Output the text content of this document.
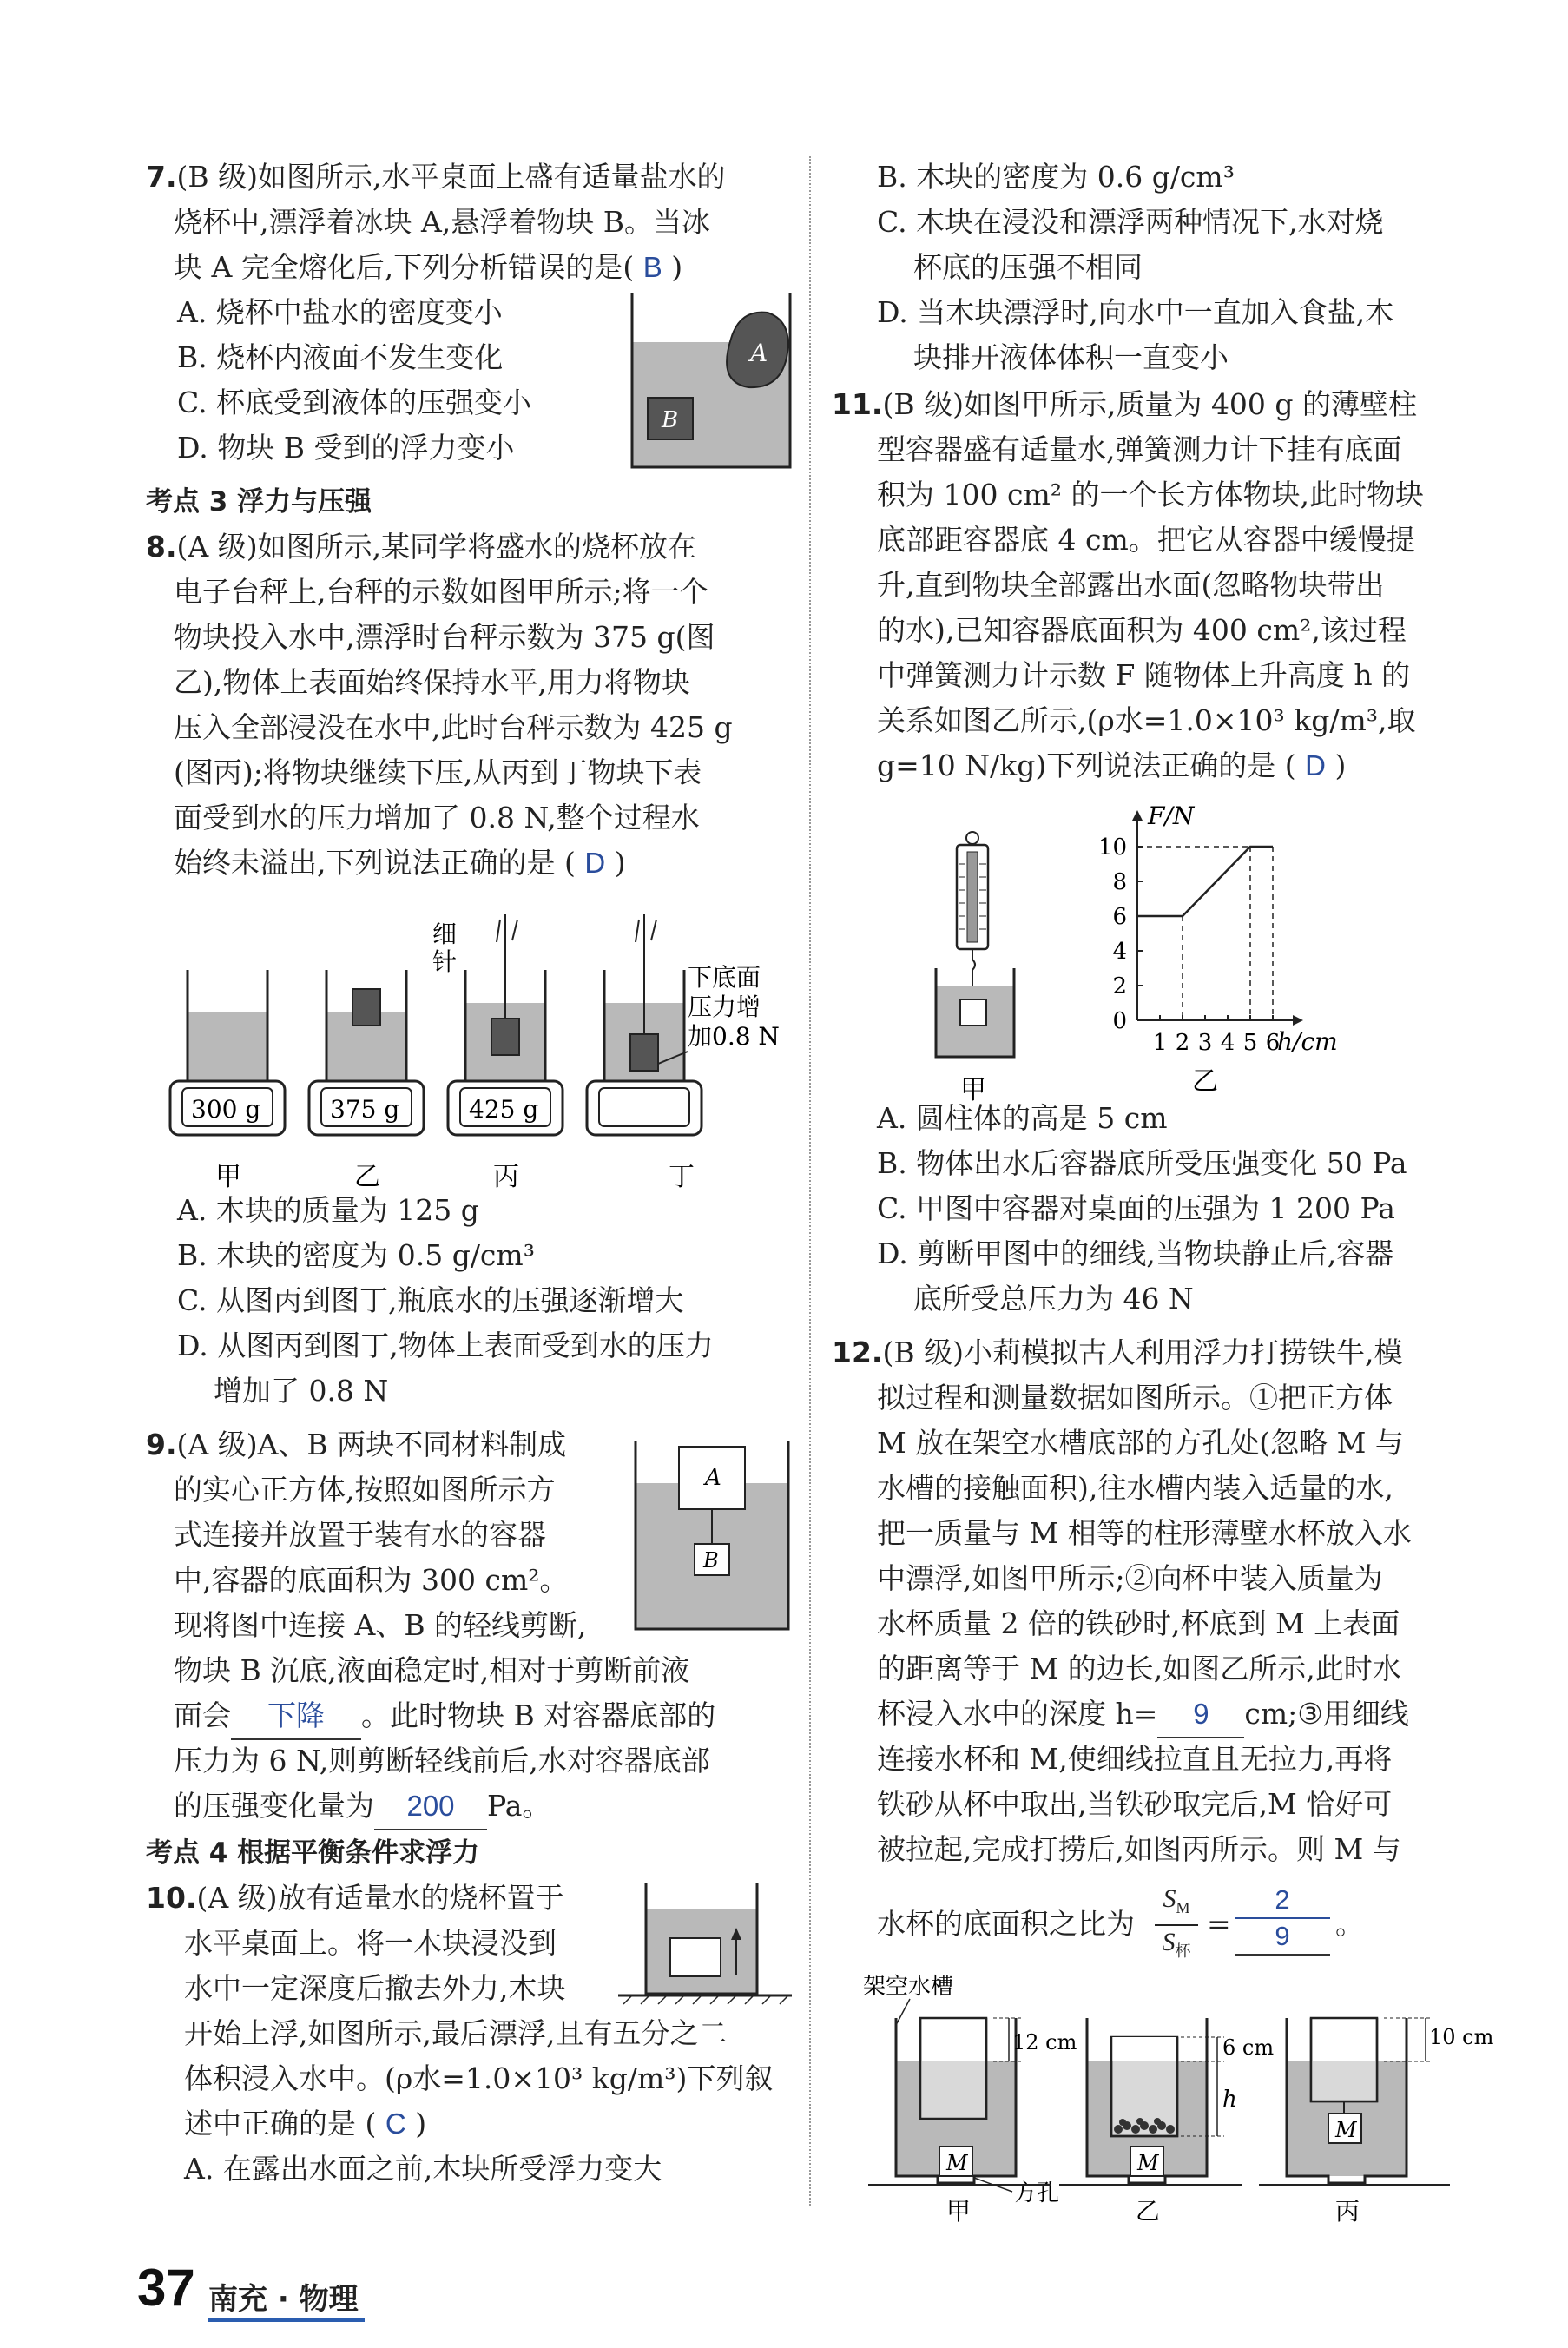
7.(B 级)如图所示,水平桌面上盛有适量盐水的
烧杯中,漂浮着冰块 A,悬浮着物块 B。当冰
块 A 完全熔化后,下列分析错误的是( B )
A. 烧杯中盐水的密度变小
B. 烧杯内液面不发生变化
C. 杯底受到液体的压强变小
D. 物块 B 受到的浮力变小
A
B
考点 3 浮力与压强
8.(A 级)如图所示,某同学将盛水的烧杯放在
电子台秤上,台秤的示数如图甲所示;将一个
物块投入水中,漂浮时台秤示数为 375 g(图
乙),物体上表面始终保持水平,用力将物块
压入全部浸没在水中,此时台秤示数为 425 g
(图丙);将物块继续下压,从丙到丁物块下表
面受到水的压力增加了 0.8 N,整个过程水
始终未溢出,下列说法正确的是 ( D )
300 g
甲
375 g
乙
425 g
丙
细
针
丁
下底面
压力增
加0.8 N
A. 木块的质量为 125 g
B. 木块的密度为 0.5 g/cm³
C. 从图丙到图丁,瓶底水的压强逐渐增大
D. 从图丙到图丁,物体上表面受到水的压力
增加了 0.8 N
9.(A 级)A、B 两块不同材料制成
的实心正方体,按照如图所示方
式连接并放置于装有水的容器
中,容器的底面积为 300 cm²。
现将图中连接 A、B 的轻线剪断,
物块 B 沉底,液面稳定时,相对于剪断前液
面会 下降 。此时物块 B 对容器底部的
压力为 6 N,则剪断轻线前后,水对容器底部
的压强变化量为 200 Pa。
A
B
考点 4 根据平衡条件求浮力
10.(A 级)放有适量水的烧杯置于
水平桌面上。将一木块浸没到
水中一定深度后撤去外力,木块
开始上浮,如图所示,最后漂浮,且有五分之二
体积浸入水中。(ρ水=1.0×10³ kg/m³)下列叙
述中正确的是 ( C )
A. 在露出水面之前,木块所受浮力变大
B. 木块的密度为 0.6 g/cm³
C. 木块在浸没和漂浮两种情况下,水对烧
杯底的压强不相同
D. 当木块漂浮时,向水中一直加入食盐,木
块排开液体体积一直变小
11.(B 级)如图甲所示,质量为 400 g 的薄壁柱
型容器盛有适量水,弹簧测力计下挂有底面
积为 100 cm² 的一个长方体物块,此时物块
底部距容器底 4 cm。把它从容器中缓慢提
升,直到物块全部露出水面(忽略物块带出
的水),已知容器底面积为 400 cm²,该过程
中弹簧测力计示数 F 随物体上升高度 h 的
关系如图乙所示,(ρ水=1.0×10³ kg/m³,取
g=10 N/kg)下列说法正确的是 ( D )
甲
F/N
h/cm
0
2
4
6
8
10
1 2 3 4 5 6
乙
A. 圆柱体的高是 5 cm
B. 物体出水后容器底所受压强变化 50 Pa
C. 甲图中容器对桌面的压强为 1 200 Pa
D. 剪断甲图中的细线,当物块静止后,容器
底所受总压力为 46 N
12.(B 级)小莉模拟古人利用浮力打捞铁牛,模
拟过程和测量数据如图所示。①把正方体
M 放在架空水槽底部的方孔处(忽略 M 与
水槽的接触面积),往水槽内装入适量的水,
把一质量与 M 相等的柱形薄壁水杯放入水
中漂浮,如图甲所示;②向杯中装入质量为
水杯质量 2 倍的铁砂时,杯底到 M 上表面
的距离等于 M 的边长,如图乙所示,此时水
杯浸入水中的深度 h= 9 cm;③用细线
连接水杯和 M,使细线拉直且无拉力,再将
铁砂从杯中取出,当铁砂取完后,M 恰好可
被拉起,完成打捞后,如图丙所示。则 M 与
水杯的底面积之比为
$S_M$
$S_杯$
=
2
9	。
架空水槽
M
方孔
12 cm
甲
M
6 cm
h
乙
M
10 cm
丙
37 南充 · 物理
